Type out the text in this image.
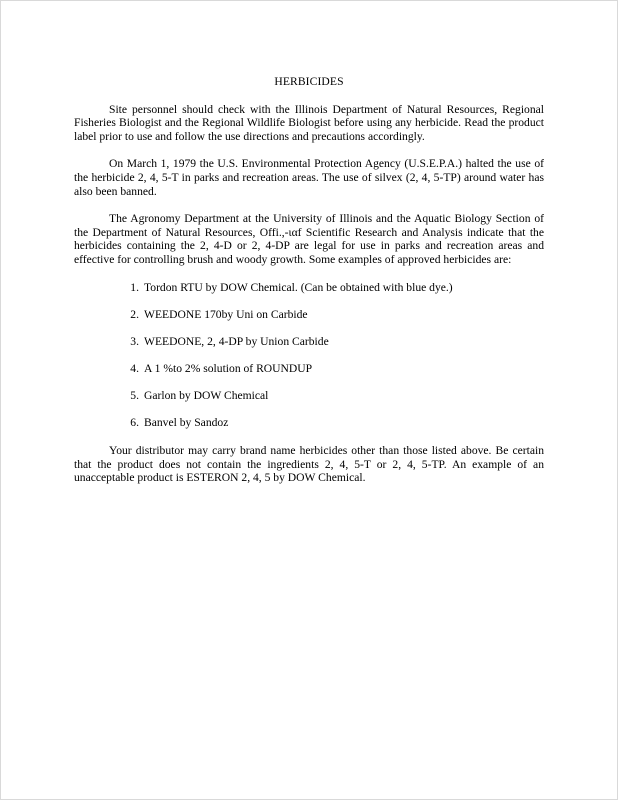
HERBICIDES

Site personnel should check with the Illinois Department of Natural Resources, Regional Fisheries Biologist and the Regional Wildlife Biologist before using any herbicide. Read the product label prior to use and follow the use directions and precautions accordingly.

On March 1, 1979 the U.S. Environmental Protection Agency (U.S.E.P.A.) halted the use of the herbicide 2, 4, 5-T in parks and recreation areas. The use of silvex (2, 4, 5-TP) around water has also been banned.

The Agronomy Department at the University of Illinois and the Aquatic Biology Section of the Department of Natural Resources, Offi.,-ιαf Scientific Research and Analysis indicate that the herbicides containing the 2, 4-D or 2, 4-DP are legal for use in parks and recreation areas and effective for controlling brush and woody growth. Some examples of approved herbicides are:

1. Tordon RTU by DOW Chemical. (Can be obtained with blue dye.)
2. WEEDONE 170by Uni on Carbide
3. WEEDONE, 2, 4-DP by Union Carbide
4. A 1 %to 2% solution of ROUNDUP
5. Garlon by DOW Chemical
6. Banvel by Sandoz

Your distributor may carry brand name herbicides other than those listed above. Be certain that the product does not contain the ingredients 2, 4, 5-T or 2, 4, 5-TP. An example of an unacceptable product is ESTERON 2, 4, 5 by DOW Chemical.
